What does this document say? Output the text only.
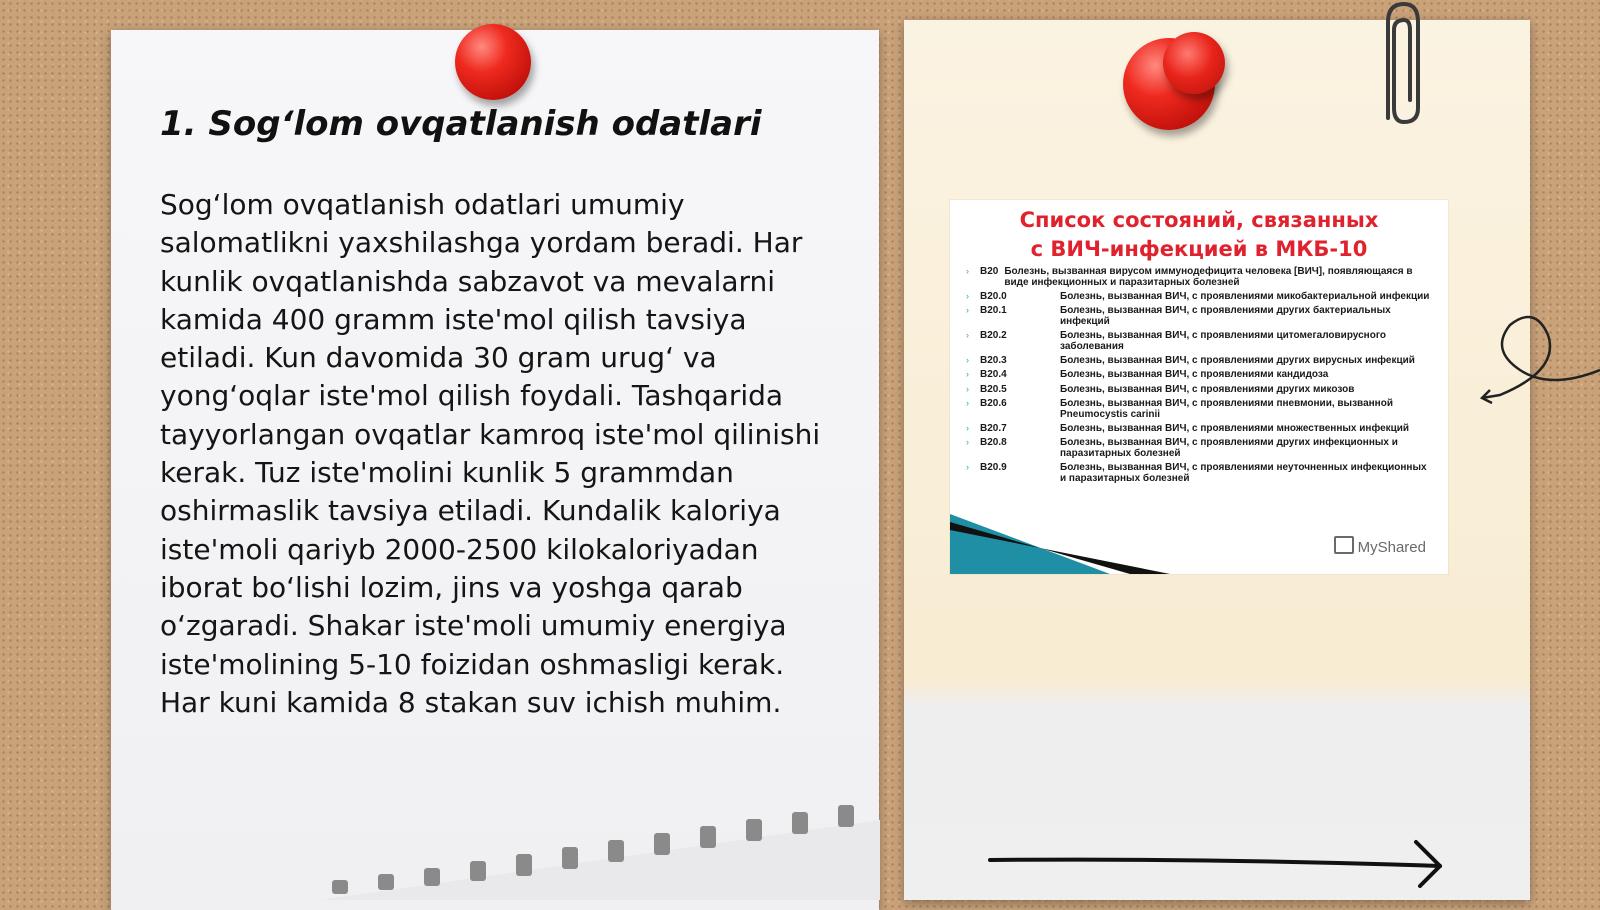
1. Sog‘lom ovqatlanish odatlari

Sog‘lom ovqatlanish odatlari umumiy salomatlikni yaxshilashga yordam beradi. Har kunlik ovqatlanishda sabzavot va mevalarni kamida 400 gramm iste'mol qilish tavsiya etiladi. Kun davomida 30 gram urug‘ va yong‘oqlar iste'mol qilish foydali. Tashqarida tayyorlangan ovqatlar kamroq iste'mol qilinishi kerak. Tuz iste'molini kunlik 5 grammdan oshirmaslik tavsiya etiladi. Kundalik kaloriya iste'moli qariyb 2000-2500 kilokaloriyadan iborat bo‘lishi lozim, jins va yoshga qarab o‘zgaradi. Shakar iste'moli umumiy energiya iste'molining 5-10 foizidan oshmasligi kerak. Har kuni kamida 8 stakan suv ichish muhim.

Список состояний, связанных
с ВИЧ-инфекцией в МКБ-10
› B20 Болезнь, вызванная вирусом иммунодефицита человека [ВИЧ], появляющаяся в виде инфекционных и паразитарных болезней
› B20.0	Болезнь, вызванная ВИЧ, с проявлениями микобактериальной инфекции
› B20.1	Болезнь, вызванная ВИЧ, с проявлениями других бактериальных инфекций
› B20.2	Болезнь, вызванная ВИЧ, с проявлениями цитомегаловирусного заболевания
› B20.3	Болезнь, вызванная ВИЧ, с проявлениями других вирусных инфекций
› B20.4	Болезнь, вызванная ВИЧ, с проявлениями кандидоза
› B20.5	Болезнь, вызванная ВИЧ, с проявлениями других микозов
› B20.6	Болезнь, вызванная ВИЧ, с проявлениями пневмонии, вызванной Pneumocystis carinii
› B20.7	Болезнь, вызванная ВИЧ, с проявлениями множественных инфекций
› B20.8	Болезнь, вызванная ВИЧ, с проявлениями других инфекционных и паразитарных болезней
› B20.9	Болезнь, вызванная ВИЧ, с проявлениями неуточненных инфекционных и паразитарных болезней
MyShared
